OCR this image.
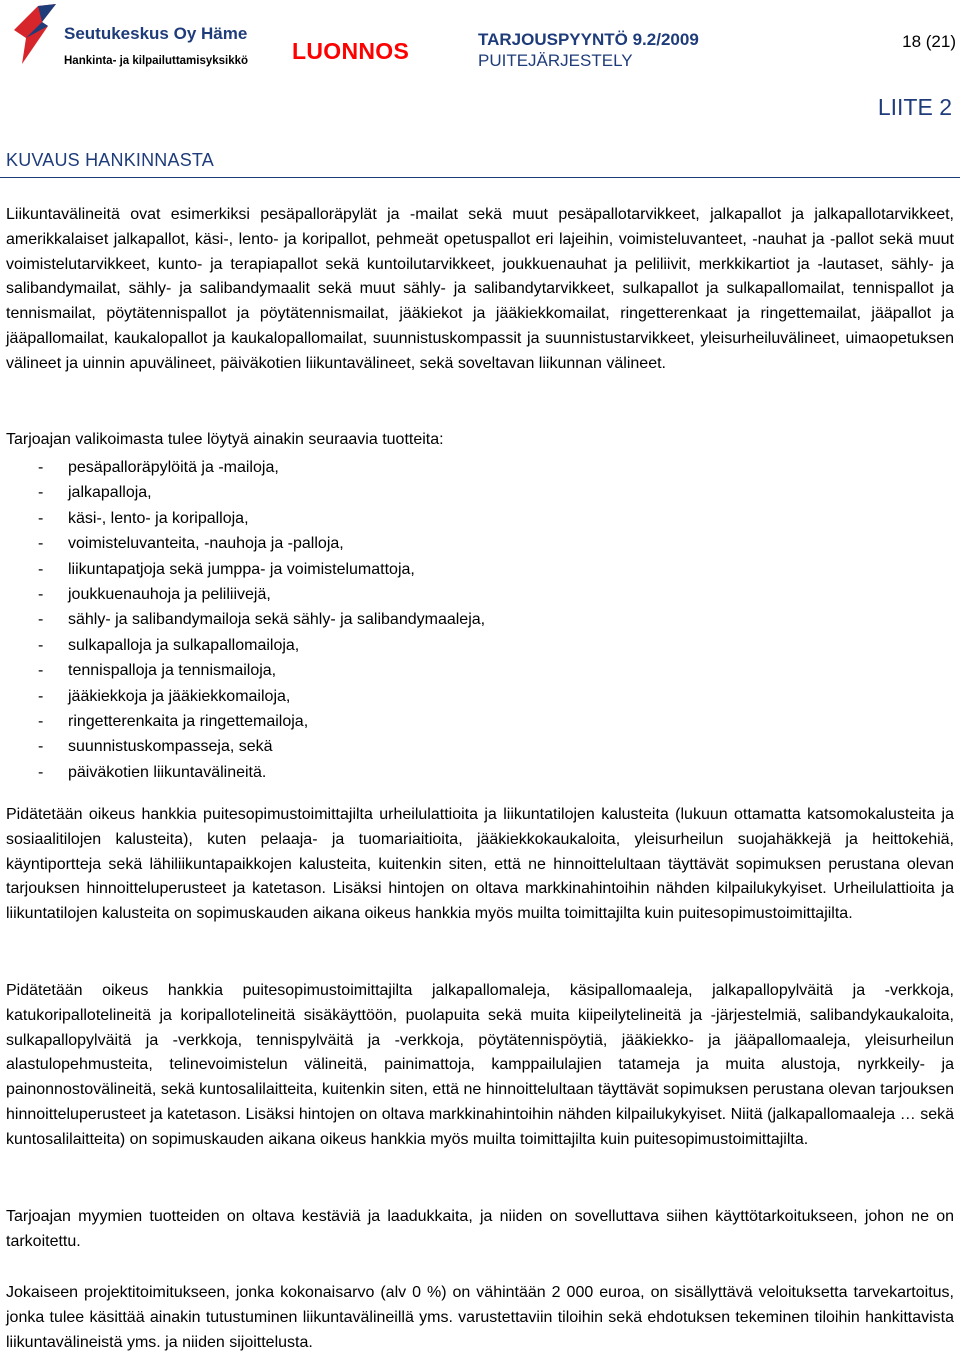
Seutukeskus Oy Häme
Hankinta- ja kilpailuttamisyksikkö LUONNOS	TARJOUSPYYNTÖ 9.2/2009
PUITEJÄRJESTELY
18 (21)
LIITE 2
KUVAUS HANKINNASTA

Liikuntavälineitä ovat esimerkiksi pesäpalloräpylät ja -mailat sekä muut pesäpallotarvikkeet, jalkapallot ja jalkapallotarvikkeet, amerikkalaiset jalkapallot, käsi-, lento- ja koripallot, pehmeät opetuspallot eri lajeihin, voimisteluvanteet, -nauhat ja -pallot sekä muut voimistelutarvikkeet, kunto- ja terapiapallot sekä kuntoilutarvikkeet, joukkuenauhat ja peliliivit, merkkikartiot ja -lautaset, sähly- ja salibandymailat, sähly- ja salibandymaalit sekä muut sähly- ja salibandytarvikkeet, sulkapallot ja sulkapallomailat, tennispallot ja tennismailat, pöytätennispallot ja pöytätennismailat, jääkiekot ja jääkiekkomailat, ringetterenkaat ja ringettemailat, jääpallot ja jääpallomailat, kaukalopallot ja kaukalopallomailat, suunnistuskompassit ja suunnistustarvikkeet, yleisurheiluvälineet, uimaopetuksen välineet ja uinnin apuvälineet, päiväkotien liikuntavälineet, sekä soveltavan liikunnan välineet.

Tarjoajan valikoimasta tulee löytyä ainakin seuraavia tuotteita:

- pesäpalloräpylöitä ja -mailoja,
- jalkapalloja,
- käsi-, lento- ja koripalloja,
- voimisteluvanteita, -nauhoja ja -palloja,
- liikuntapatjoja sekä jumppa- ja voimistelumattoja,
- joukkuenauhoja ja peliliivejä,
- sähly- ja salibandymailoja sekä sähly- ja salibandymaaleja,
- sulkapalloja ja sulkapallomailoja,
- tennispalloja ja tennismailoja,
- jääkiekkoja ja jääkiekkomailoja,
- ringetterenkaita ja ringettemailoja,
- suunnistuskompasseja, sekä
- päiväkotien liikuntavälineitä.

Pidätetään oikeus hankkia puitesopimustoimittajilta urheilulattioita ja liikuntatilojen kalusteita (lukuun ottamatta katsomokalusteita ja sosiaalitilojen kalusteita), kuten pelaaja- ja tuomariaitioita, jääkiekkokaukaloita, yleisurheilun suojahäkkejä ja heittokehiä, käyntiportteja sekä lähiliikuntapaikkojen kalusteita, kuitenkin siten, että ne hinnoittelultaan täyttävät sopimuksen perustana olevan tarjouksen hinnoitteluperusteet ja katetason. Lisäksi hintojen on oltava markkinahintoihin nähden kilpailukykyiset. Urheilulattioita ja liikuntatilojen kalusteita on sopimuskauden aikana oikeus hankkia myös muilta toimittajilta kuin puitesopimustoimittajilta.

Pidätetään oikeus hankkia puitesopimustoimittajilta jalkapallomaleja, käsipallomaaleja, jalkapallopylväitä ja -verkkoja, katukoripallotelineitä ja koripallotelineitä sisäkäyttöön, puolapuita sekä muita kiipeilytelineitä ja -järjestelmiä, salibandykaukaloita, sulkapallopylväitä ja -verkkoja, tennispylväitä ja -verkkoja, pöytätennispöytiä, jääkiekko- ja jääpallomaaleja, yleisurheilun alastulopehmusteita, telinevoimistelun välineitä, painimattoja, kamppailulajien tatameja ja muita alustoja, nyrkkeily- ja painonnostovälineitä, sekä kuntosalilaitteita, kuitenkin siten, että ne hinnoittelultaan täyttävät sopimuksen perustana olevan tarjouksen hinnoitteluperusteet ja katetason. Lisäksi hintojen on oltava markkinahintoihin nähden kilpailukykyiset. Niitä (jalkapallomaaleja … sekä kuntosalilaitteita) on sopimuskauden aikana oikeus hankkia myös muilta toimittajilta kuin puitesopimustoimittajilta.

Tarjoajan myymien tuotteiden on oltava kestäviä ja laadukkaita, ja niiden on sovelluttava siihen käyttötarkoitukseen, johon ne on tarkoitettu.

Jokaiseen projektitoimitukseen, jonka kokonaisarvo (alv 0 %) on vähintään 2 000 euroa, on sisällyttävä veloituksetta tarvekartoitus, jonka tulee käsittää ainakin tutustuminen liikuntavälineillä yms. varustettaviin tiloihin sekä ehdotuksen tekeminen tiloihin hankittavista liikuntavälineistä yms. ja niiden sijoittelusta.
